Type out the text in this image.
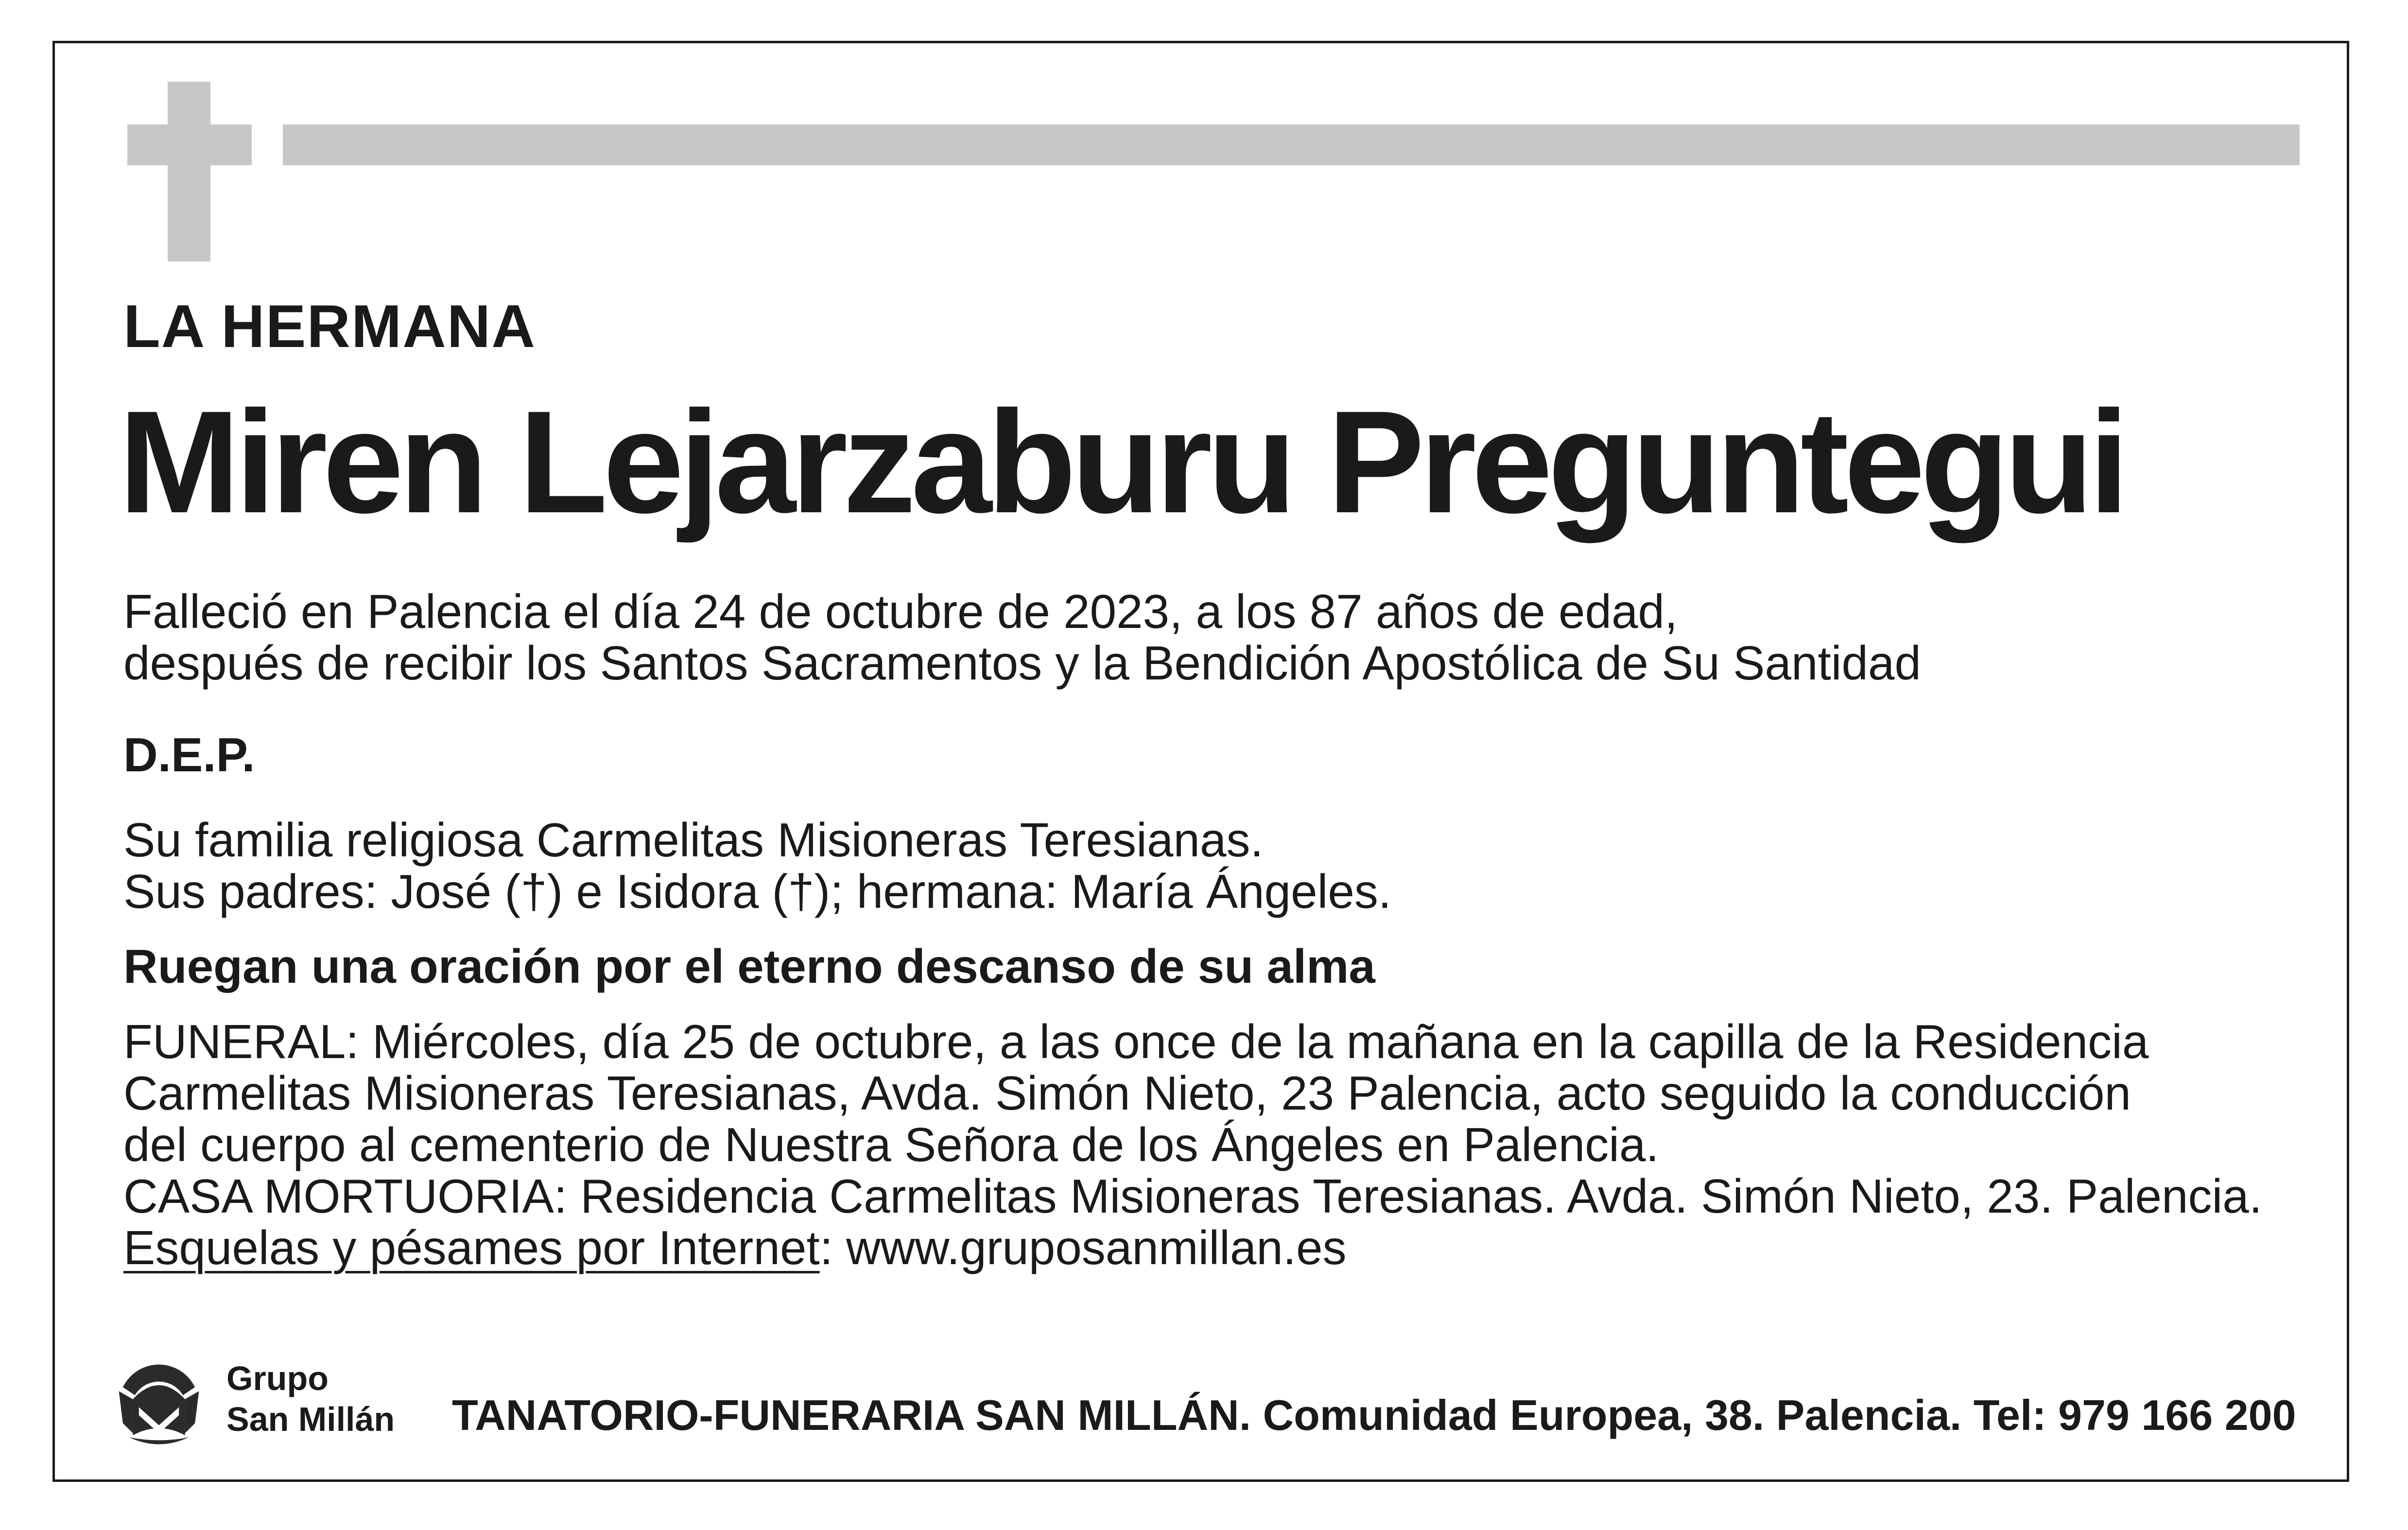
LA HERMANA
Miren Lejarzaburu Preguntegui
Falleció en Palencia el día 24 de octubre de 2023, a los 87 años de edad,
después de recibir los Santos Sacramentos y la Bendición Apostólica de Su Santidad
D.E.P.
Su familia religiosa Carmelitas Misioneras Teresianas.
Sus padres: José (†) e Isidora (†); hermana: María Ángeles.
Ruegan una oración por el eterno descanso de su alma
FUNERAL: Miércoles, día 25 de octubre, a las once de la mañana en la capilla de la Residencia
Carmelitas Misioneras Teresianas, Avda. Simón Nieto, 23 Palencia, acto seguido la conducción
del cuerpo al cementerio de Nuestra Señora de los Ángeles en Palencia.
CASA MORTUORIA: Residencia Carmelitas Misioneras Teresianas. Avda. Simón Nieto, 23. Palencia.
Esquelas y pésames por Internet: www.gruposanmillan.es
Grupo
San Millán TANATORIO-FUNERARIA SAN MILLÁN. Comunidad Europea, 38. Palencia. Tel: 979 166 200
